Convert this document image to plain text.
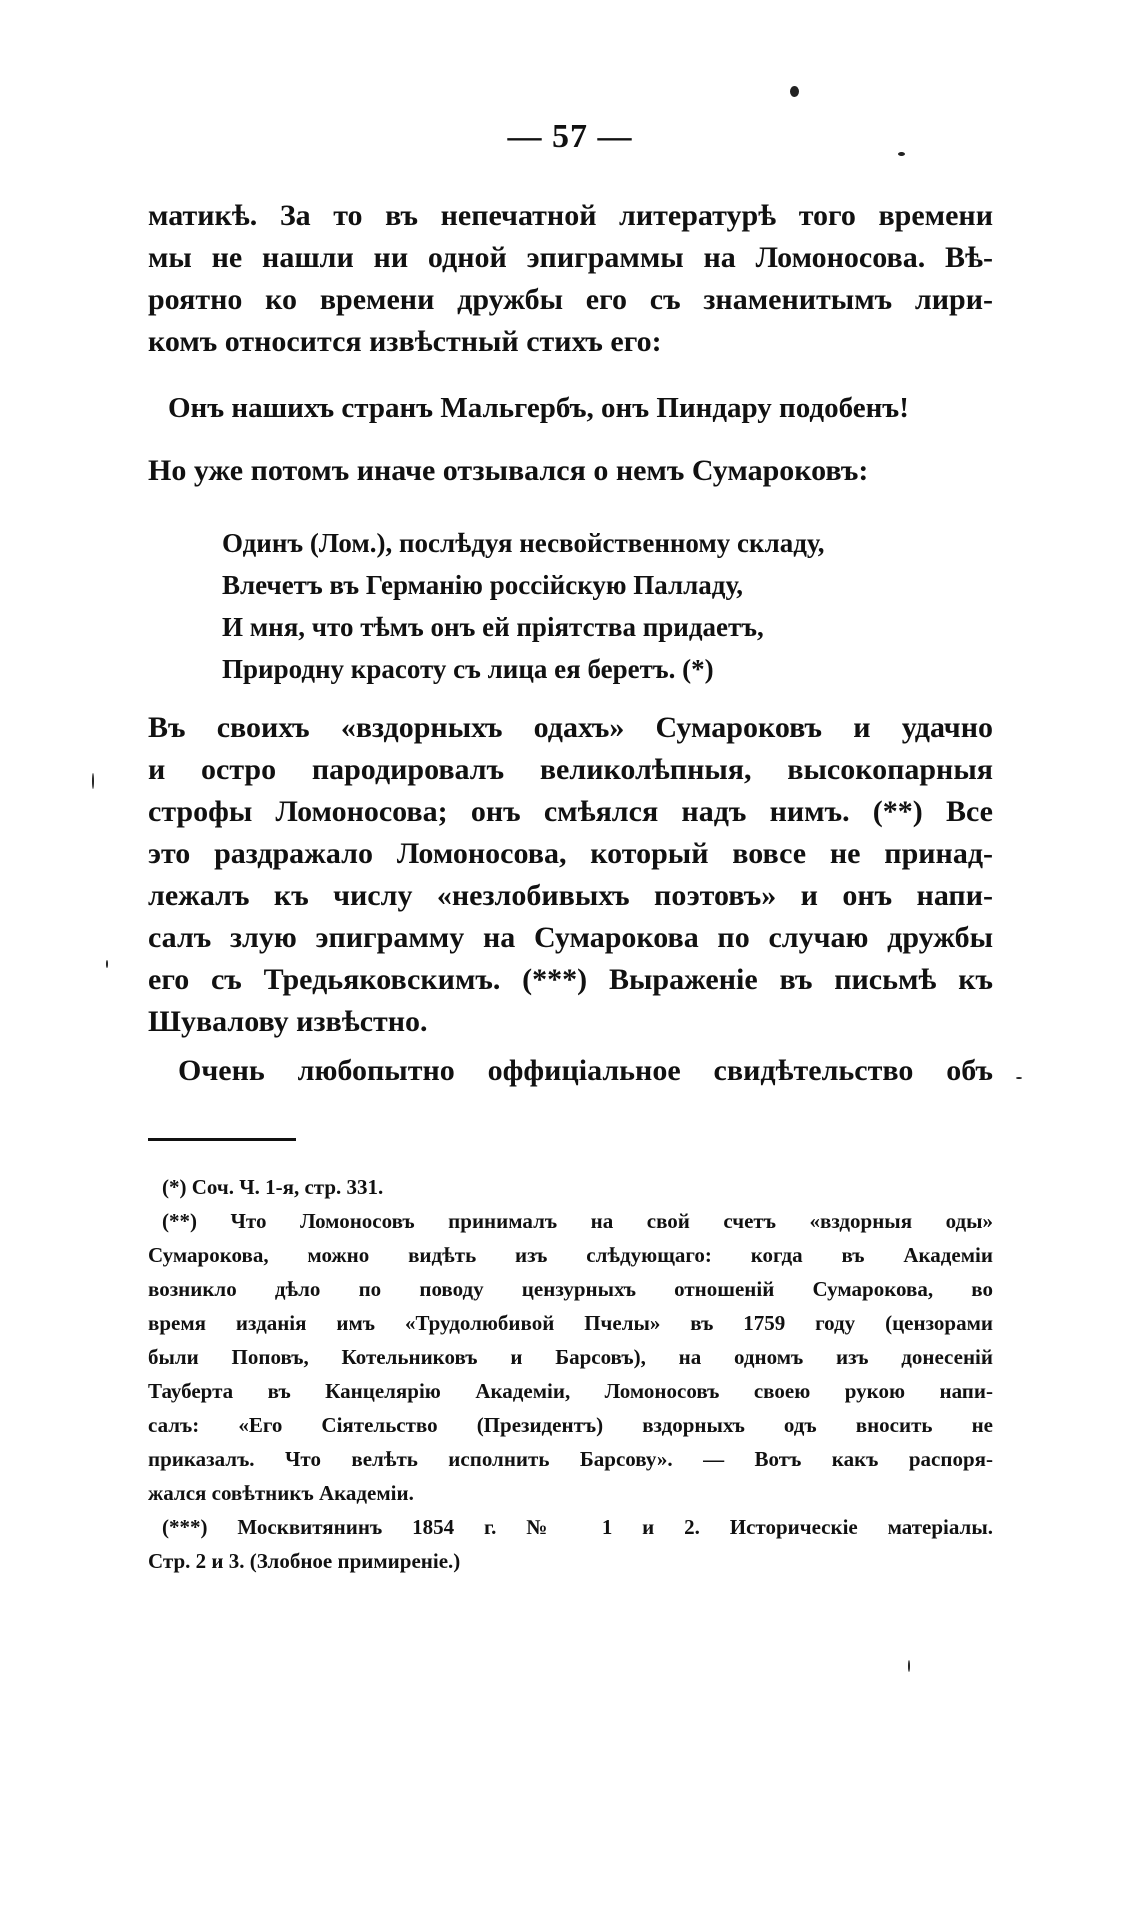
— 57 —
матикѣ. За то въ непечатной литературѣ того времени
мы не нашли ни одной эпиграммы на Ломоносова. Вѣ-
роятно ко времени дружбы его съ знаменитымъ лири-
комъ относится извѣстный стихъ его:
Онъ нашихъ странъ Мальгербъ, онъ Пиндару подобенъ!
Но уже потомъ иначе отзывался о немъ Сумароковъ:
Одинъ (Лом.), послѣдуя несвойственному складу,
Влечетъ въ Германію россійскую Палладу,
И мня, что тѣмъ онъ ей пріятства придаетъ,
Природну красоту съ лица ея беретъ. (*)
Въ своихъ «вздорныхъ одахъ» Сумароковъ и удачно
и остро пародировалъ великолѣпныя, высокопарныя
строфы Ломоносова; онъ смѣялся надъ нимъ. (**) Все
это раздражало Ломоносова, который вовсе не принад-
лежалъ къ числу «незлобивыхъ поэтовъ» и онъ напи-
салъ злую эпиграмму на Сумарокова по случаю дружбы
его съ Тредьяковскимъ. (***) Выраженіе въ письмѣ къ
Шувалову извѣстно.
Очень любопытно оффиціальное свидѣтельство объ
(*) Соч. Ч. 1-я, стр. 331.
(**) Что Ломоносовъ принималъ на свой счетъ «вздорныя оды»
Сумарокова, можно видѣть изъ слѣдующаго: когда въ Академіи
возникло дѣло по поводу цензурныхъ отношеній Сумарокова, во
время изданія имъ «Трудолюбивой Пчелы» въ 1759 году (цензорами
были Поповъ, Котельниковъ и Барсовъ), на одномъ изъ донесеній
Тауберта въ Канцелярію Академіи, Ломоносовъ своею рукою напи-
салъ: «Его Сіятельство (Президентъ) вздорныхъ одъ вносить не
приказалъ. Что велѣть исполнить Барсову». — Вотъ какъ распоря-
жался совѣтникъ Академіи.
(***) Москвитянинъ 1854 г. № 1 и 2. Историческіе матеріалы.
Стр. 2 и 3. (Злобное примиреніе.)
